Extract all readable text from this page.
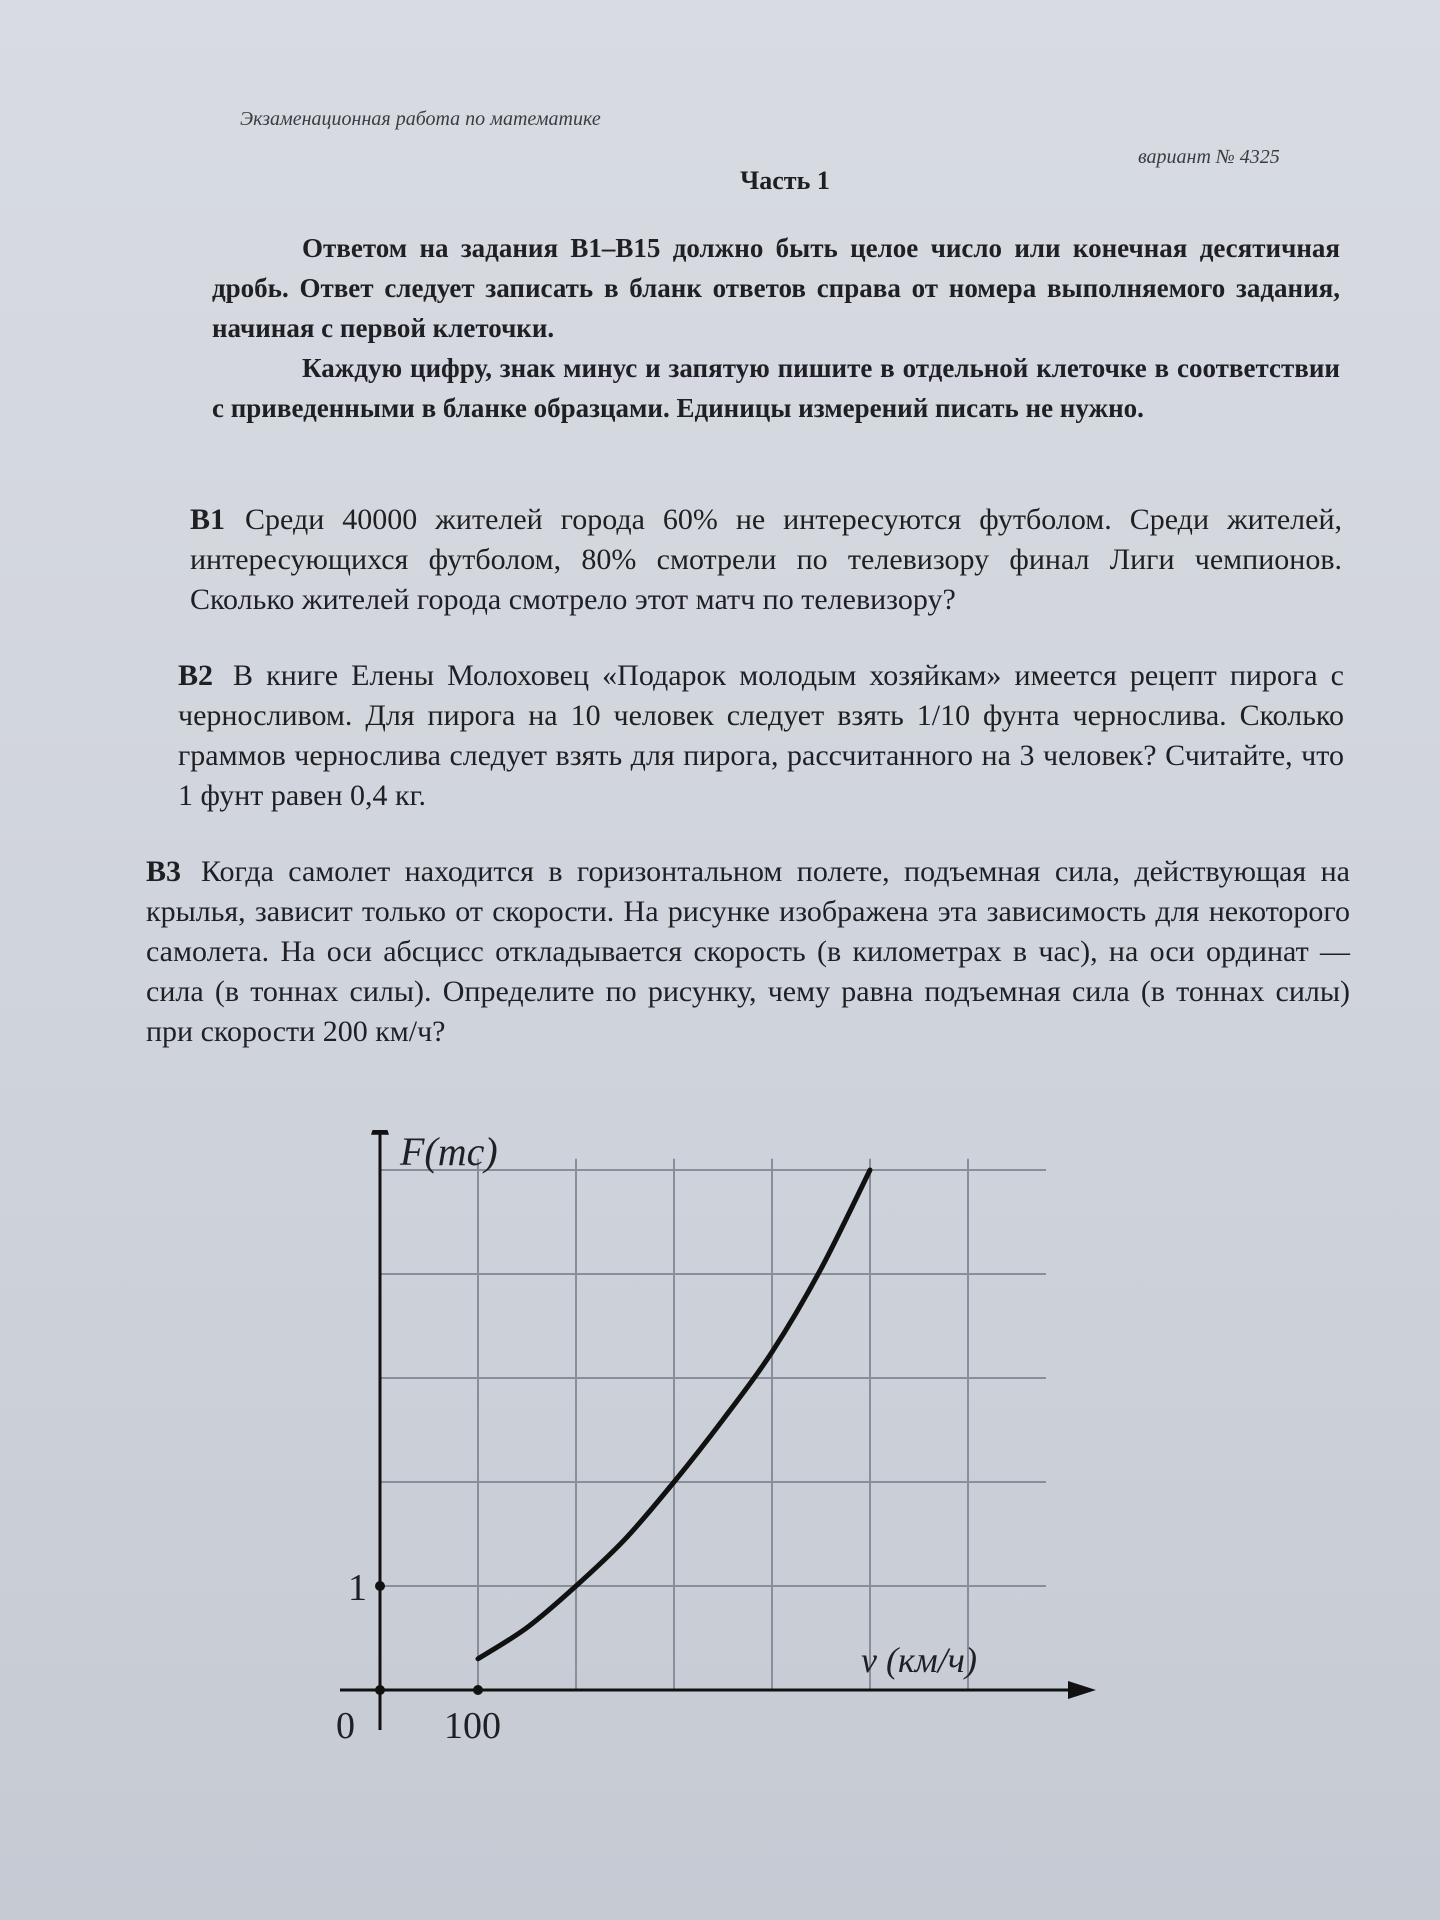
Экзаменационная работа по математике
вариант № 4325
Часть 1

Ответом на задания В1–В15 должно быть целое число или конечная десятичная дробь. Ответ следует записать в бланк ответов справа от номера выполняемого задания, начиная с первой клеточки.

Каждую цифру, знак минус и запятую пишите в отдельной клеточке в соответствии с приведенными в бланке образцами. Единицы измерений писать не нужно.

В1 Среди 40000 жителей города 60% не интересуются футболом. Среди жителей, интересующихся футболом, 80% смотрели по телевизору финал Лиги чемпионов. Сколько жителей города смотрело этот матч по телевизору?
В2 В книге Елены Молоховец «Подарок молодым хозяйкам» имеется рецепт пирога с черносливом. Для пирога на 10 человек следует взять 1/10 фунта чернослива. Сколько граммов чернослива следует взять для пирога, рассчитанного на 3 человек? Считайте, что 1 фунт равен 0,4 кг.
В3 Когда самолет находится в горизонтальном полете, подъемная сила, действующая на крылья, зависит только от скорости. На рисунке изображена эта зависимость для некоторого самолета. На оси абсцисс откладывается скорость (в километрах в час), на оси ординат — сила (в тоннах силы). Определите по рисунку, чему равна подъемная сила (в тоннах силы) при скорости 200 км/ч?
F(тс)
v (км/ч)
0 100
1
